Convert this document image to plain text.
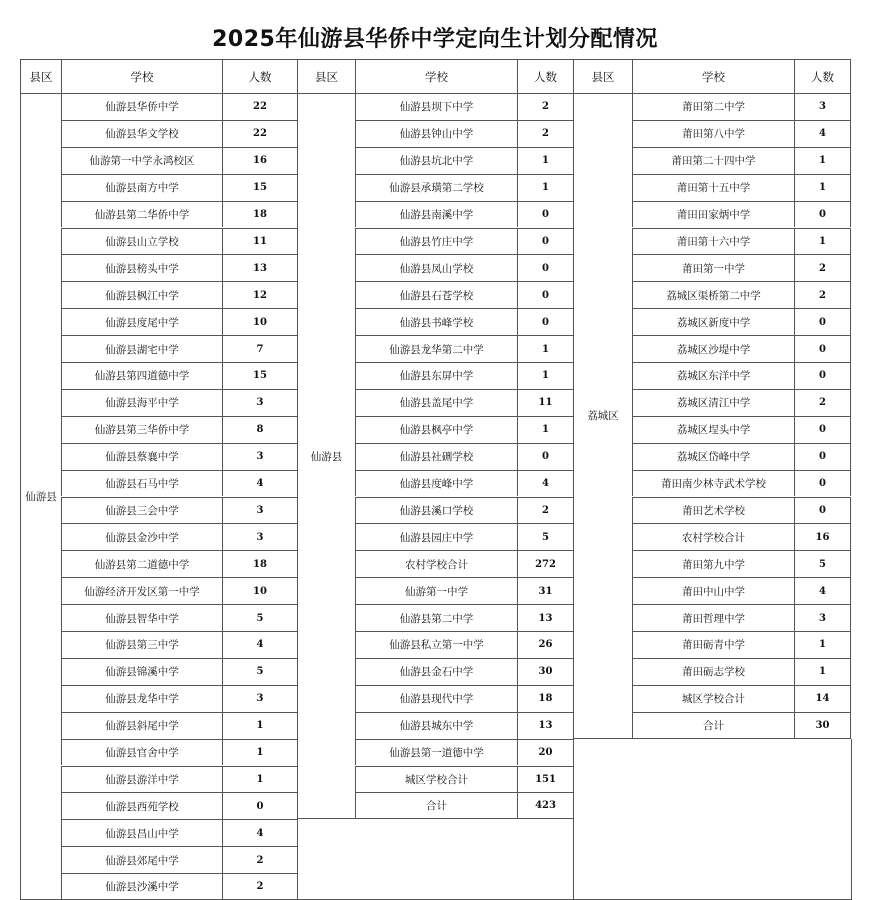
2025年仙游县华侨中学定向生计划分配情况
县区	学校	人数
仙游县
仙游县华侨中学	22
仙游县华文学校	22
仙游第一中学永鸿校区	16
仙游县南方中学	15
仙游县第二华侨中学	18
仙游县山立学校	11
仙游县榜头中学	13
仙游县枫江中学	12
仙游县度尾中学	10
仙游县湖宅中学	7
仙游县第四道德中学	15
仙游县海平中学	3
仙游县第三华侨中学	8
仙游县蔡襄中学	3
仙游县石马中学	4
仙游县三会中学	3
仙游县金沙中学	3
仙游县第二道德中学	18
仙游经济开发区第一中学	10
仙游县智华中学	5
仙游县第三中学	4
仙游县锦溪中学	5
仙游县龙华中学	3
仙游县斜尾中学	1
仙游县官舍中学	1
仙游县游洋中学	1
仙游县西苑学校	0
仙游县昌山中学	4
仙游县郊尾中学	2
仙游县沙溪中学	2
县区	学校	人数
仙游县
仙游县坝下中学	2
仙游县钟山中学	2
仙游县坑北中学	1
仙游县承璜第二学校	1
仙游县南溪中学	0
仙游县竹庄中学	0
仙游县凤山学校	0
仙游县石苍学校	0
仙游县书峰学校	0
仙游县龙华第二中学	1
仙游县东屏中学	1
仙游县盖尾中学	11
仙游县枫亭中学	1
仙游县社硎学校	0
仙游县度峰中学	4
仙游县溪口学校	2
仙游县园庄中学	5
农村学校合计	272
仙游第一中学	31
仙游县第二中学	13
仙游县私立第一中学	26
仙游县金石中学	30
仙游县现代中学	18
仙游县城东中学	13
仙游县第一道德中学	20
城区学校合计	151
合计	423
县区	学校	人数
荔城区
莆田第二中学	3
莆田第八中学	4
莆田第二十四中学	1
莆田第十五中学	1
莆田田家炳中学	0
莆田第十六中学	1
莆田第一中学	2
荔城区渠桥第二中学	2
荔城区新度中学	0
荔城区沙堤中学	0
荔城区东洋中学	0
荔城区清江中学	2
荔城区埕头中学	0
荔城区岱峰中学	0
莆田南少林寺武术学校	0
莆田艺术学校	0
农村学校合计	16
莆田第九中学	5
莆田中山中学	4
莆田哲理中学	3
莆田砺青中学	1
莆田砺志学校	1
城区学校合计	14
合计	30
